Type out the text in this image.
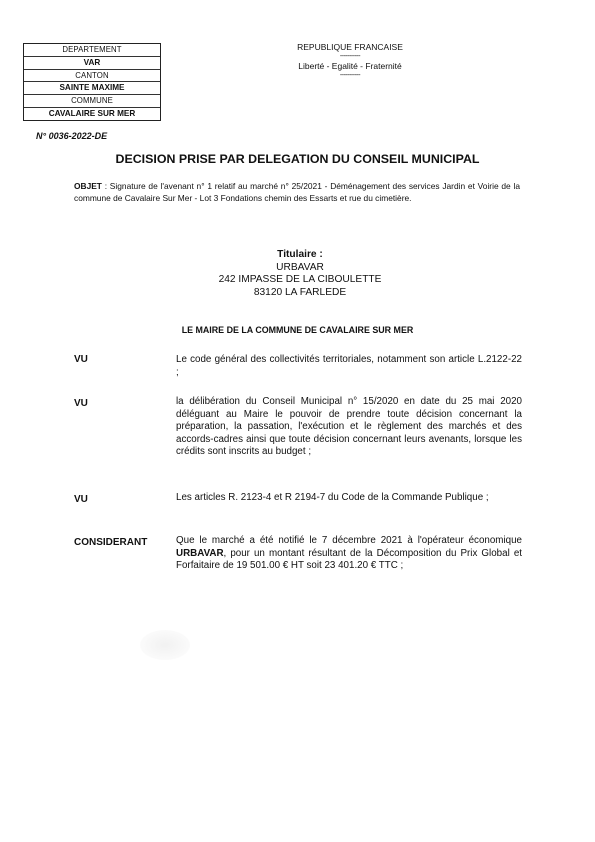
DEPARTEMENT
VAR
CANTON
SAINTE MAXIME
COMMUNE
CAVALAIRE SUR MER
REPUBLIQUE FRANCAISE
-----------
Liberté - Egalité - Fraternité
-----------
N° 0036-2022-DE
DECISION PRISE PAR DELEGATION DU CONSEIL MUNICIPAL
OBJET : Signature de l'avenant n° 1 relatif au marché n° 25/2021 - Déménagement des services Jardin et Voirie de la commune de Cavalaire Sur Mer - Lot 3 Fondations chemin des Essarts et rue du cimetière.
Titulaire :
URBAVAR
242 IMPASSE DE LA CIBOULETTE
83120 LA FARLEDE
LE MAIRE DE LA COMMUNE DE CAVALAIRE SUR MER
VU	Le code général des collectivités territoriales, notamment son article L.2122-22 ;
VU	la délibération du Conseil Municipal n° 15/2020 en date du 25 mai 2020 déléguant au Maire le pouvoir de prendre toute décision concernant la préparation, la passation, l'exécution et le règlement des marchés et des accords-cadres ainsi que toute décision concernant leurs avenants, lorsque les crédits sont inscrits au budget ;
VU	Les articles R. 2123-4 et R 2194-7 du Code de la Commande Publique ;
CONSIDERANT	Que le marché a été notifié le 7 décembre 2021 à l'opérateur économique URBAVAR, pour un montant résultant de la Décomposition du Prix Global et Forfaitaire de 19 501.00 € HT soit 23 401.20 € TTC ;
